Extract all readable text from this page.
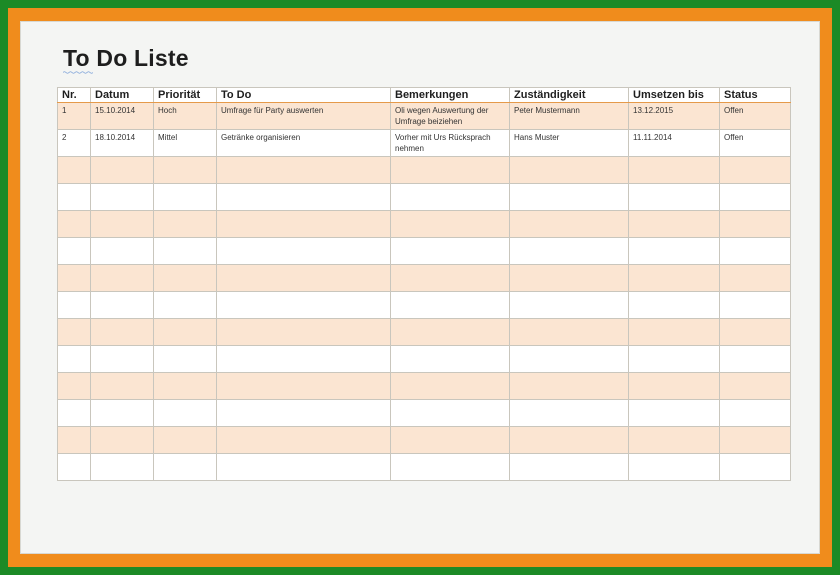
To Do Liste
Nr.	Datum	Priorität	To Do	Bemerkungen	Zuständigkeit	Umsetzen bis	Status
1	15.10.2014	Hoch	Umfrage für Party auswerten	Oli wegen Auswertung der Umfrage beiziehen	Peter Mustermann	13.12.2015	Offen
2	18.10.2014	Mittel	Getränke organisieren	Vorher mit Urs Rücksprach nehmen	Hans Muster	11.11.2014	Offen
